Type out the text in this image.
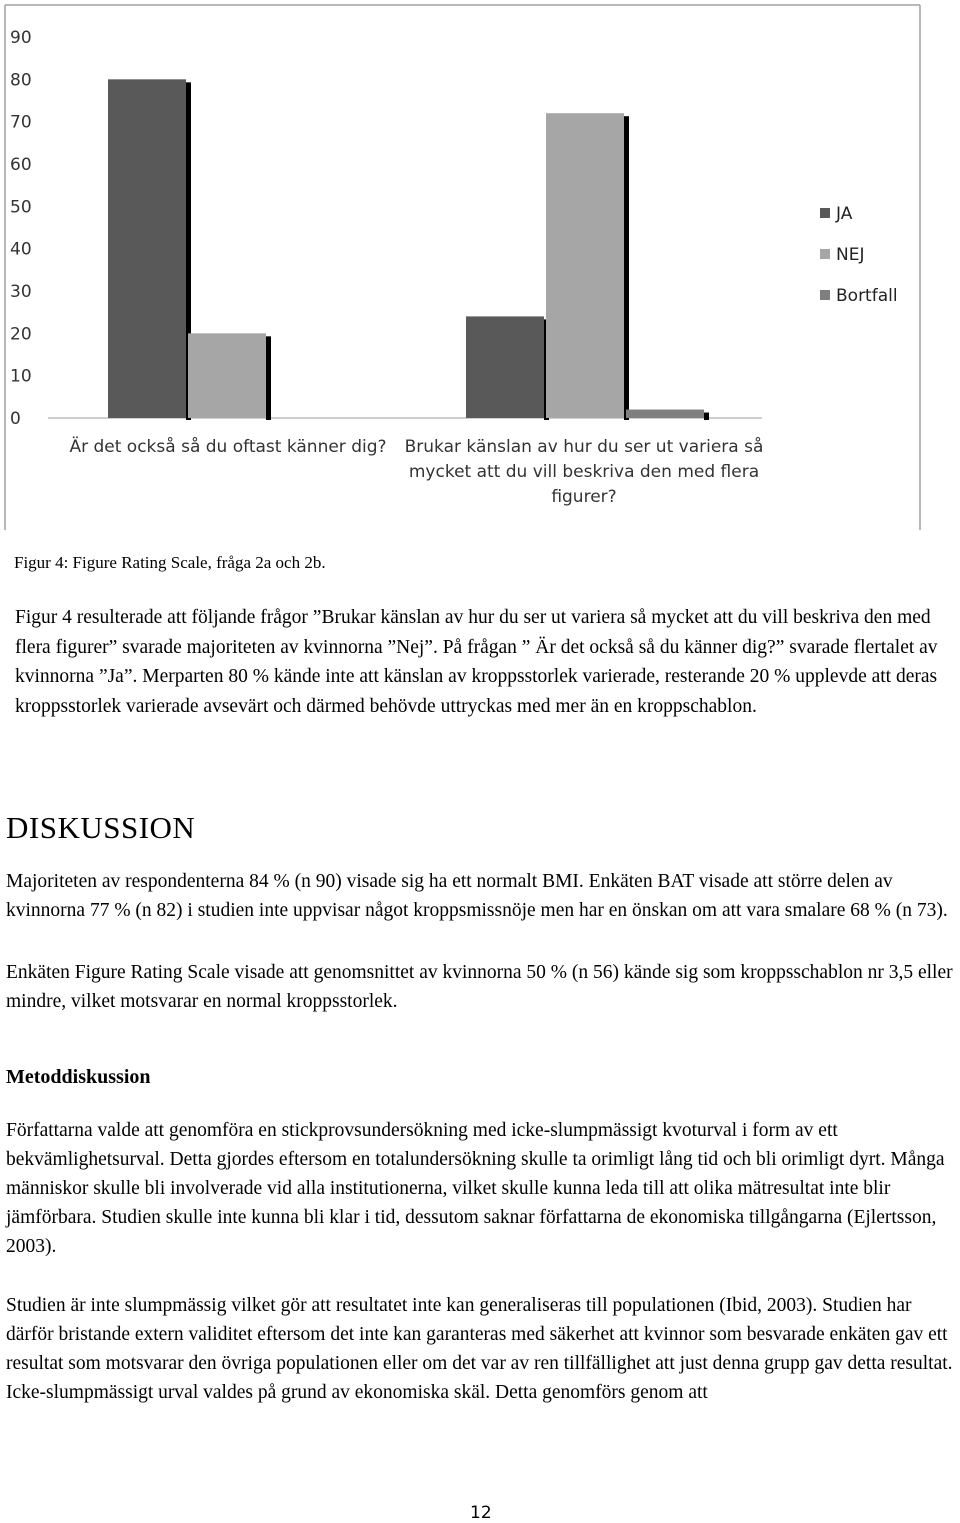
0
10
20
30
40
50
60
70
80
90
Är det också så du oftast känner dig? Brukar känslan av hur du ser ut variera så
mycket att du vill beskriva den med flera
figurer?
JA
NEJ
Bortfall
Figur 4: Figure Rating Scale, fråga 2a och 2b.

Figur 4 resulterade att följande frågor ”Brukar känslan av hur du ser ut variera så mycket att du vill beskriva den med flera figurer” svarade majoriteten av kvinnorna ”Nej”. På frågan ” Är det också så du känner dig?” svarade flertalet av kvinnorna ”Ja”. Merparten 80 % kände inte att känslan av kroppsstorlek varierade, resterande 20 % upplevde att deras kroppsstorlek varierade avsevärt och därmed behövde uttryckas med mer än en kroppschablon.

DISKUSSION

Majoriteten av respondenterna 84 % (n 90) visade sig ha ett normalt BMI. Enkäten BAT visade att större delen av kvinnorna 77 % (n 82) i studien inte uppvisar något kroppsmissnöje men har en önskan om att vara smalare 68 % (n 73).

Enkäten Figure Rating Scale visade att genomsnittet av kvinnorna 50 % (n 56) kände sig som kroppsschablon nr 3,5 eller mindre, vilket motsvarar en normal kroppsstorlek.

Metoddiskussion

Författarna valde att genomföra en stickprovsundersökning med icke-slumpmässigt kvoturval i form av ett bekvämlighetsurval. Detta gjordes eftersom en totalundersökning skulle ta orimligt lång tid och bli orimligt dyrt. Många människor skulle bli involverade vid alla institutionerna, vilket skulle kunna leda till att olika mätresultat inte blir jämförbara. Studien skulle inte kunna bli klar i tid, dessutom saknar författarna de ekonomiska tillgångarna (Ejlertsson, 2003).

Studien är inte slumpmässig vilket gör att resultatet inte kan generaliseras till populationen (Ibid, 2003). Studien har därför bristande extern validitet eftersom det inte kan garanteras med säkerhet att kvinnor som besvarade enkäten gav ett resultat som motsvarar den övriga populationen eller om det var av ren tillfällighet att just denna grupp gav detta resultat. Icke-slumpmässigt urval valdes på grund av ekonomiska skäl. Detta genomförs genom att

12
